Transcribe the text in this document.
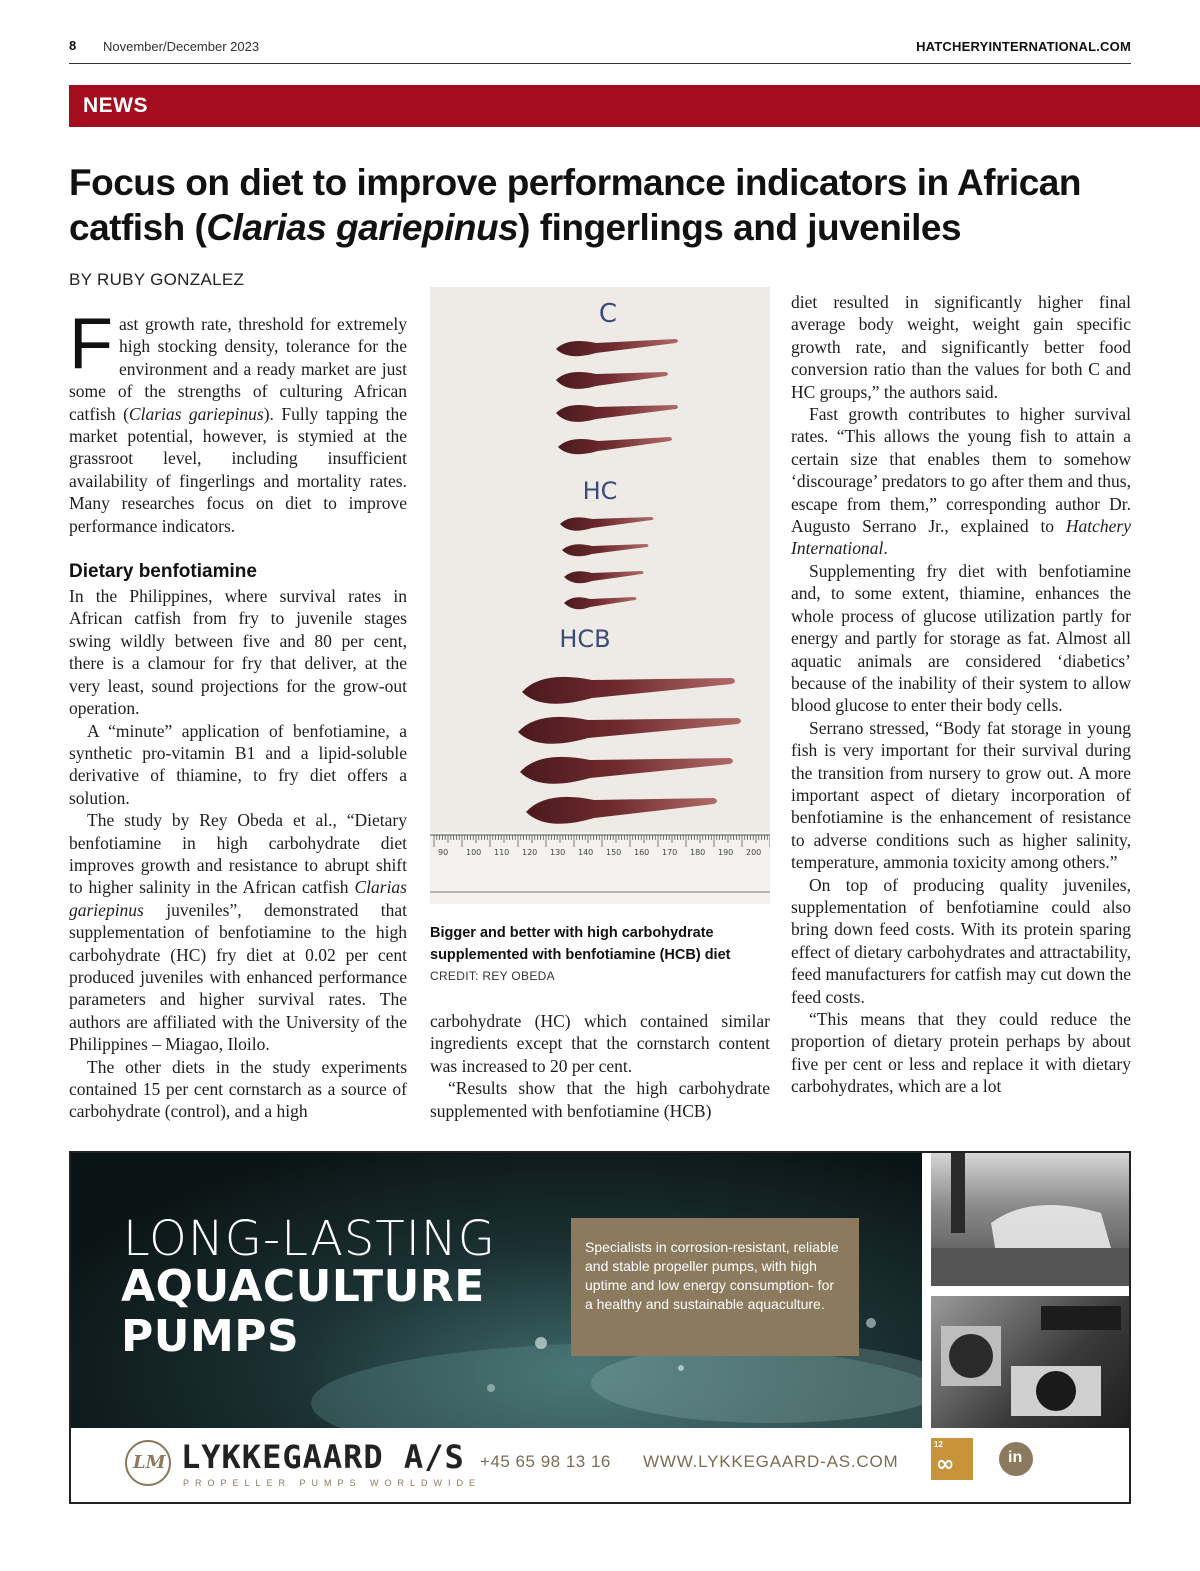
8 November/December 2023	HATCHERYINTERNATIONAL.COM
NEWS
Focus on diet to improve performance indicators in African catfish (Clarias gariepinus) fingerlings and juveniles
BY RUBY GONZALEZ

Fast growth rate, threshold for extremely high stocking density, tolerance for the environment and a ready market are just some of the strengths of culturing African catfish (Clarias gariepinus). Fully tapping the market potential, however, is stymied at the grassroot level, including insufficient availability of fingerlings and mortality rates. Many researches focus on diet to improve performance indicators.

Dietary benfotiamine

In the Philippines, where survival rates in African catfish from fry to juvenile stages swing wildly between five and 80 per cent, there is a clamour for fry that deliver, at the very least, sound projections for the grow-out operation.

A “minute” application of benfotiamine, a synthetic pro-vitamin B1 and a lipid-soluble derivative of thiamine, to fry diet offers a solution.

The study by Rey Obeda et al., “Dietary benfotiamine in high carbohydrate diet improves growth and resistance to abrupt shift to higher salinity in the African catfish Clarias gariepinus juveniles”, demonstrated that supplementation of benfotiamine to the high carbohydrate (HC) fry diet at 0.02 per cent produced juveniles with enhanced performance parameters and higher survival rates. The authors are affiliated with the University of the Philippines – Miagao, Iloilo.

The other diets in the study experiments contained 15 per cent cornstarch as a source of carbohydrate (control), and a high

C
HC
HCB
90 100 110 120 130 140 150 160 170 180 190 200
Bigger and better with high carbohydrate supplemented with benfotiamine (HCB) diet
CREDIT: REY OBEDA

carbohydrate (HC) which contained similar ingredients except that the cornstarch content was increased to 20 per cent.

“Results show that the high carbohydrate supplemented with benfotiamine (HCB)

diet resulted in significantly higher final average body weight, weight gain specific growth rate, and significantly better food conversion ratio than the values for both C and HC groups,” the authors said.

Fast growth contributes to higher survival rates. “This allows the young fish to attain a certain size that enables them to somehow ‘discourage’ predators to go after them and thus, escape from them,” corresponding author Dr. Augusto Serrano Jr., explained to Hatchery International.

Supplementing fry diet with benfotiamine and, to some extent, thiamine, enhances the whole process of glucose utilization partly for energy and partly for storage as fat. Almost all aquatic animals are considered ‘diabetics’ because of the inability of their system to allow blood glucose to enter their body cells.

Serrano stressed, “Body fat storage in young fish is very important for their survival during the transition from nursery to grow out. A more important aspect of dietary incorporation of benfotiamine is the enhancement of resistance to adverse conditions such as higher salinity, temperature, ammonia toxicity among others.”

On top of producing quality juveniles, supplementation of benfotiamine could also bring down feed costs. With its protein sparing effect of dietary carbohydrates and attractability, feed manufacturers for catfish may cut down the feed costs.

“This means that they could reduce the proportion of dietary protein perhaps by about five per cent or less and replace it with dietary carbohydrates, which are a lot

LONG-LASTING
AQUACULTURE
PUMPS
Specialists in corrosion-resistant, reliable and stable propeller pumps, with high uptime and low energy consumption- for a healthy and sustainable aquaculture.
LM LYKKEGAARD A/S
PROPELLER PUMPS WORLDWIDE
+45 65 98 13 16 WWW.LYKKEGAARD-AS.COM
12
∞	in
